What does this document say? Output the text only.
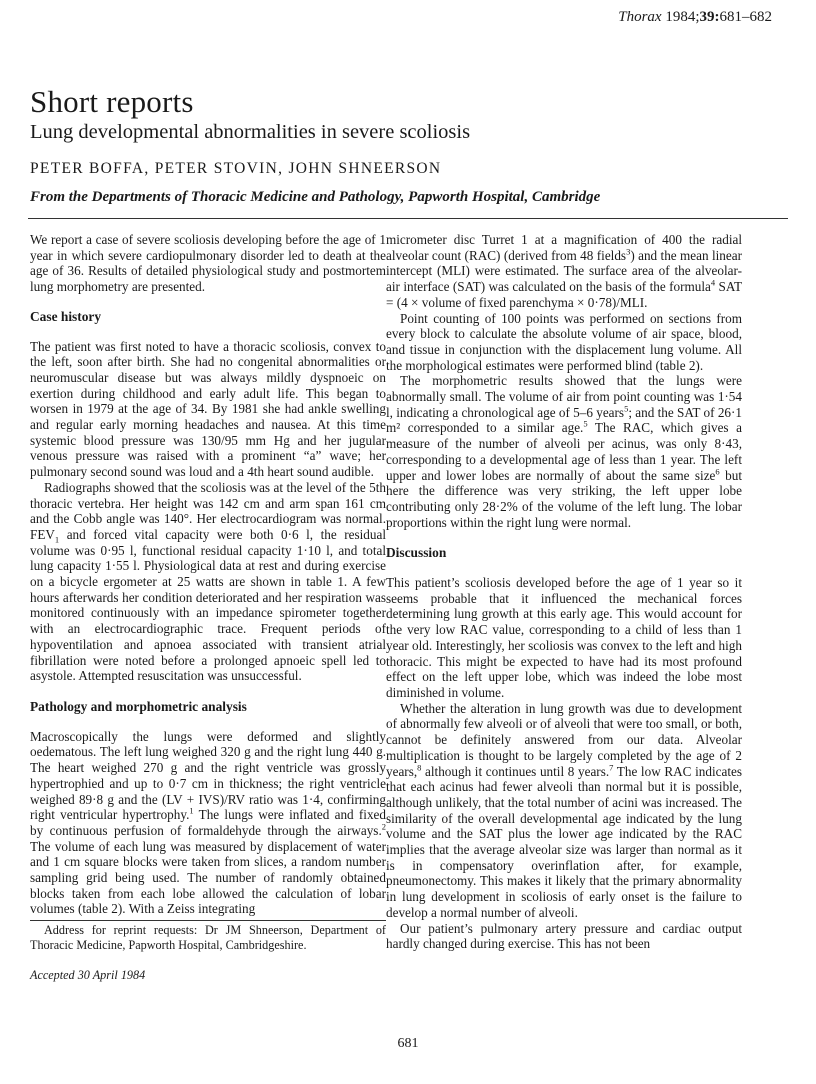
Thorax 1984;39:681–682
Short reports
Lung developmental abnormalities in severe scoliosis
PETER BOFFA, PETER STOVIN, JOHN SHNEERSON
From the Departments of Thoracic Medicine and Pathology, Papworth Hospital, Cambridge

We report a case of severe scoliosis developing before the age of 1 year in which severe cardiopulmonary disorder led to death at the age of 36. Results of detailed physiological study and postmortem lung morphometry are presented.

Case history

The patient was first noted to have a thoracic scoliosis, convex to the left, soon after birth. She had no congenital abnormalities or neuromuscular disease but was always mildly dyspnoeic on exertion during childhood and early adult life. This began to worsen in 1979 at the age of 34. By 1981 she had ankle swelling and regular early morning headaches and nausea. At this time systemic blood pressure was 130/95 mm Hg and her jugular venous pressure was raised with a prominent “a” wave; her pulmonary second sound was loud and a 4th heart sound audible.

Radiographs showed that the scoliosis was at the level of the 5th thoracic vertebra. Her height was 142 cm and arm span 161 cm and the Cobb angle was 140°. Her electrocardiogram was normal. $FEV_1$ and forced vital capacity were both 0·6 l, the residual volume was 0·95 l, functional residual capacity 1·10 l, and total lung capacity 1·55 l. Physiological data at rest and during exercise on a bicycle ergometer at 25 watts are shown in table 1. A few hours afterwards her condition deteriorated and her respiration was monitored continuously with an impedance spirometer together with an electrocardiographic trace. Frequent periods of hypoventilation and apnoea associated with transient atrial fibrillation were noted before a prolonged apnoeic spell led to asystole. Attempted resuscitation was unsuccessful.

Pathology and morphometric analysis

Macroscopically the lungs were deformed and slightly oedematous. The left lung weighed 320 g and the right lung 440 g. The heart weighed 270 g and the right ventricle was grossly hypertrophied and up to 0·7 cm in thickness; the right ventricle weighed 89·8 g and the (LV + IVS)/RV ratio was 1·4, confirming right ventricular hypertrophy.$^1$ The lungs were inflated and fixed by continuous perfusion of formaldehyde through the airways.$^2$ The volume of each lung was measured by displacement of water and 1 cm square blocks were taken from slices, a random number sampling grid being used. The number of randomly obtained blocks taken from each lobe allowed the calculation of lobar volumes (table 2). With a Zeiss integrating

Address for reprint requests: Dr JM Shneerson, Department of Thoracic Medicine, Papworth Hospital, Cambridgeshire.

Accepted 30 April 1984

micrometer disc Turret 1 at a magnification of 400 the radial alveolar count (RAC) (derived from 48 fields$^3$) and the mean linear intercept (MLI) were estimated. The surface area of the alveolar-air interface (SAT) was calculated on the basis of the formula$^4$ SAT = (4 × volume of fixed parenchyma × 0·78)/MLI.

Point counting of 100 points was performed on sections from every block to calculate the absolute volume of air space, blood, and tissue in conjunction with the displacement lung volume. All the morphological estimates were performed blind (table 2).

The morphometric results showed that the lungs were abnormally small. The volume of air from point counting was 1·54 l, indicating a chronological age of 5–6 years$^5$; and the SAT of 26·1 m² corresponded to a similar age.$^5$ The RAC, which gives a measure of the number of alveoli per acinus, was only 8·43, corresponding to a developmental age of less than 1 year. The left upper and lower lobes are normally of about the same size$^6$ but here the difference was very striking, the left upper lobe contributing only 28·2% of the volume of the left lung. The lobar proportions within the right lung were normal.

Discussion

This patient’s scoliosis developed before the age of 1 year so it seems probable that it influenced the mechanical forces determining lung growth at this early age. This would account for the very low RAC value, corresponding to a child of less than 1 year old. Interestingly, her scoliosis was convex to the left and high thoracic. This might be expected to have had its most profound effect on the left upper lobe, which was indeed the lobe most diminished in volume.

Whether the alteration in lung growth was due to development of abnormally few alveoli or of alveoli that were too small, or both, cannot be definitely answered from our data. Alveolar multiplication is thought to be largely completed by the age of 2 years,$^8$ although it continues until 8 years.$^7$ The low RAC indicates that each acinus had fewer alveoli than normal but it is possible, although unlikely, that the total number of acini was increased. The similarity of the overall developmental age indicated by the lung volume and the SAT plus the lower age indicated by the RAC implies that the average alveolar size was larger than normal as it is in compensatory overinflation after, for example, pneumonectomy. This makes it likely that the primary abnormality in lung development in scoliosis of early onset is the failure to develop a normal number of alveoli.

Our patient’s pulmonary artery pressure and cardiac output hardly changed during exercise. This has not been

681
